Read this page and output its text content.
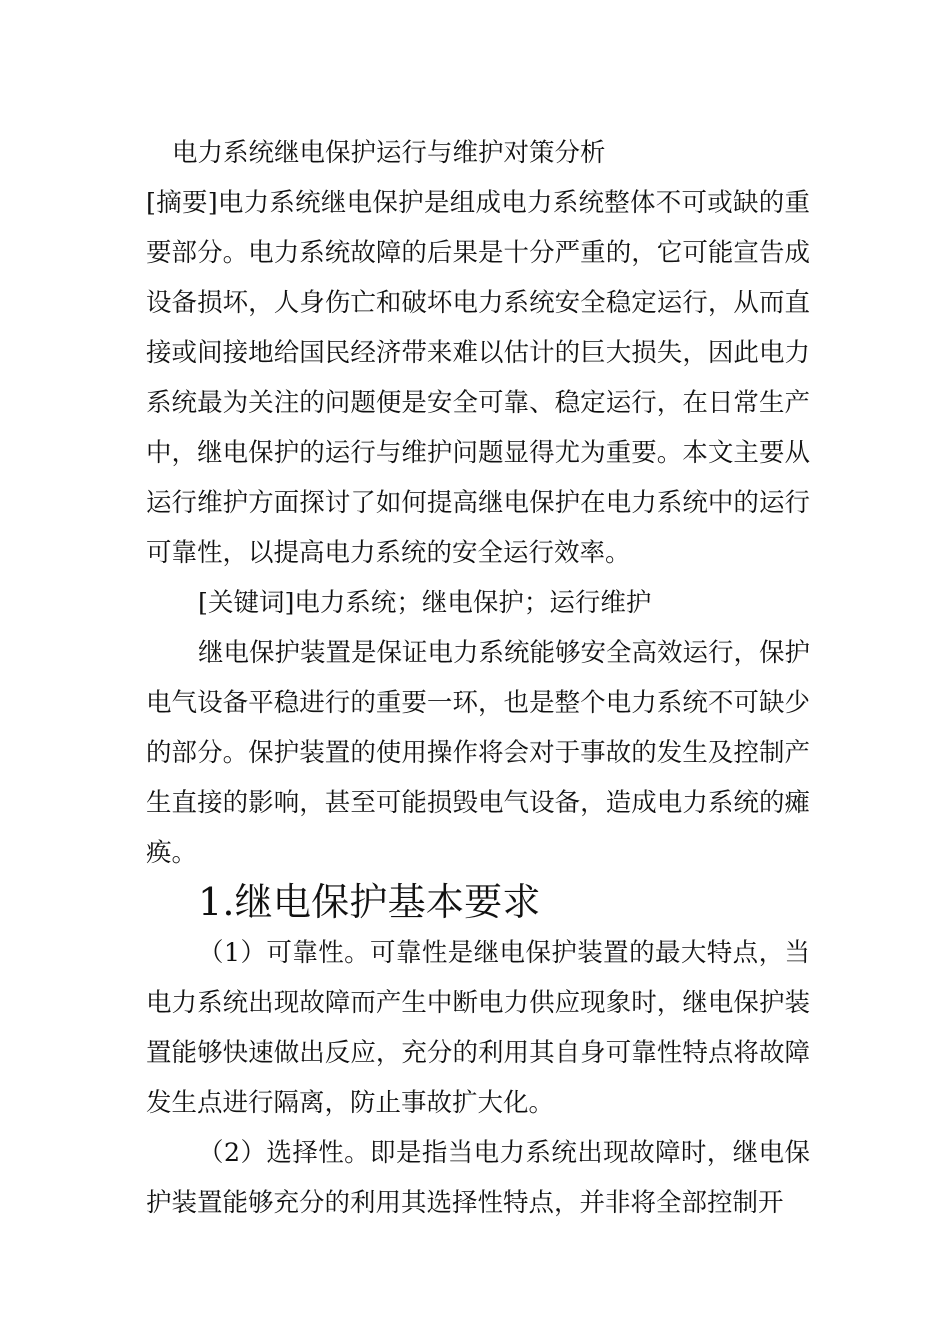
电力系统继电保护运行与维护对策分析

[摘要]电力系统继电保护是组成电力系统整体不可或缺的重要部分。电力系统故障的后果是十分严重的，它可能宣告成设备损坏，人身伤亡和破坏电力系统安全稳定运行，从而直接或间接地给国民经济带来难以估计的巨大损失，因此电力系统最为关注的问题便是安全可靠、稳定运行，在日常生产中，继电保护的运行与维护问题显得尤为重要。本文主要从运行维护方面探讨了如何提高继电保护在电力系统中的运行可靠性，以提高电力系统的安全运行效率。

[关键词]电力系统；继电保护；运行维护

继电保护装置是保证电力系统能够安全高效运行，保护电气设备平稳进行的重要一环，也是整个电力系统不可缺少的部分。保护装置的使用操作将会对于事故的发生及控制产生直接的影响，甚至可能损毁电气设备，造成电力系统的瘫痪。

1.继电保护基本要求

（1）可靠性。可靠性是继电保护装置的最大特点，当电力系统出现故障而产生中断电力供应现象时，继电保护装置能够快速做出反应，充分的利用其自身可靠性特点将故障发生点进行隔离，防止事故扩大化。

（2）选择性。即是指当电力系统出现故障时，继电保护装置能够充分的利用其选择性特点，并非将全部控制开
